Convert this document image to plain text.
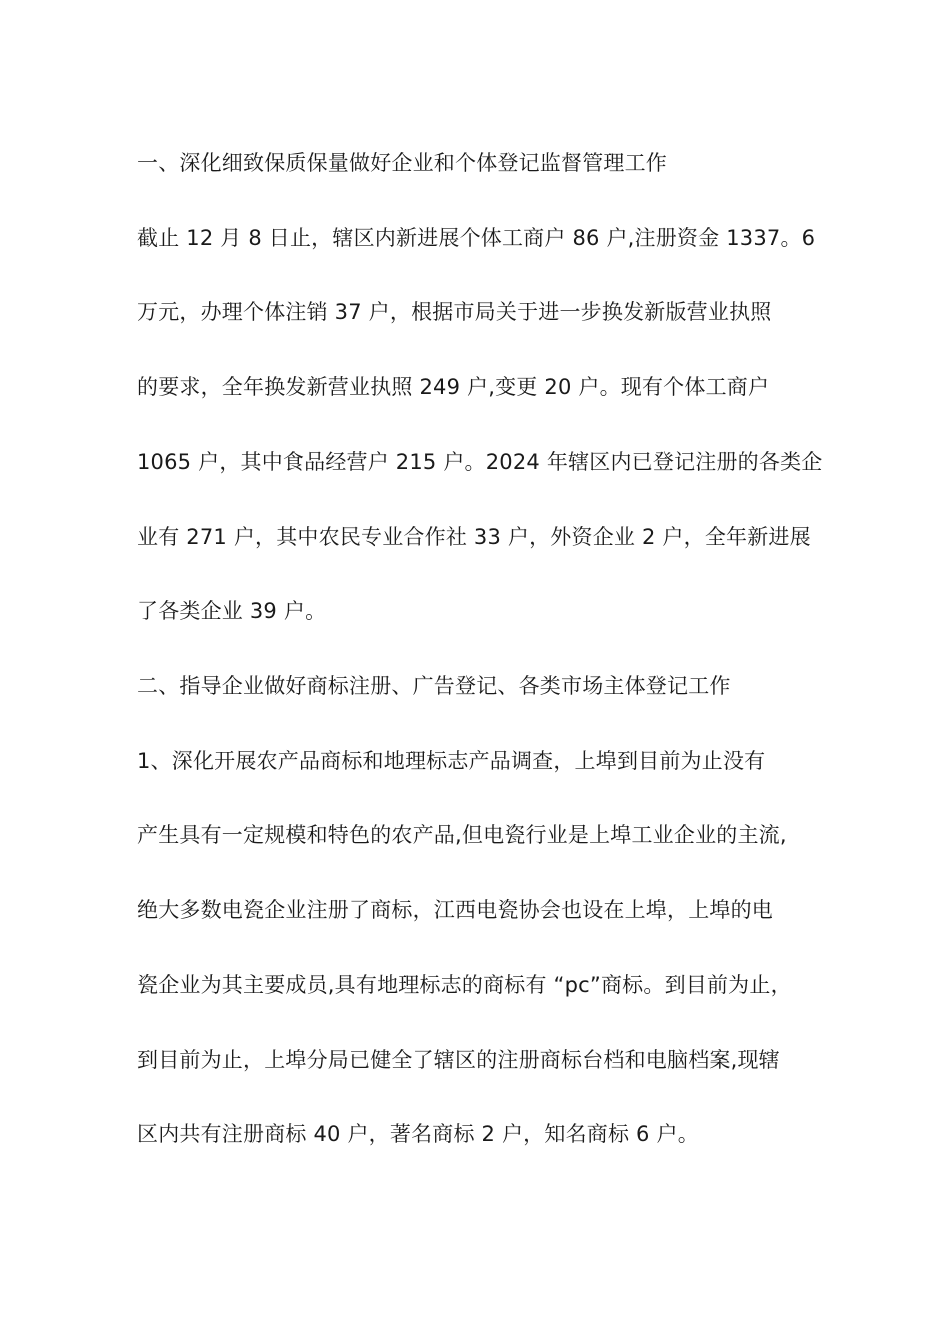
一、深化细致保质保量做好企业和个体登记监督管理工作
截止 12 月 8 日止，辖区内新进展个体工商户 86 户,注册资金 1337。6
万元，办理个体注销 37 户，根据市局关于进一步换发新版营业执照
的要求，全年换发新营业执照 249 户,变更 20 户。现有个体工商户
1065 户，其中食品经营户 215 户。2024 年辖区内已登记注册的各类企
业有 271 户，其中农民专业合作社 33 户，外资企业 2 户，全年新进展
了各类企业 39 户。
二、指导企业做好商标注册、广告登记、各类市场主体登记工作
1、深化开展农产品商标和地理标志产品调查，上埠到目前为止没有
产生具有一定规模和特色的农产品,但电瓷行业是上埠工业企业的主流,
绝大多数电瓷企业注册了商标，江西电瓷协会也设在上埠，上埠的电
瓷企业为其主要成员,具有地理标志的商标有 “pc”商标。到目前为止，
到目前为止，上埠分局已健全了辖区的注册商标台档和电脑档案,现辖
区内共有注册商标 40 户，著名商标 2 户，知名商标 6 户。
